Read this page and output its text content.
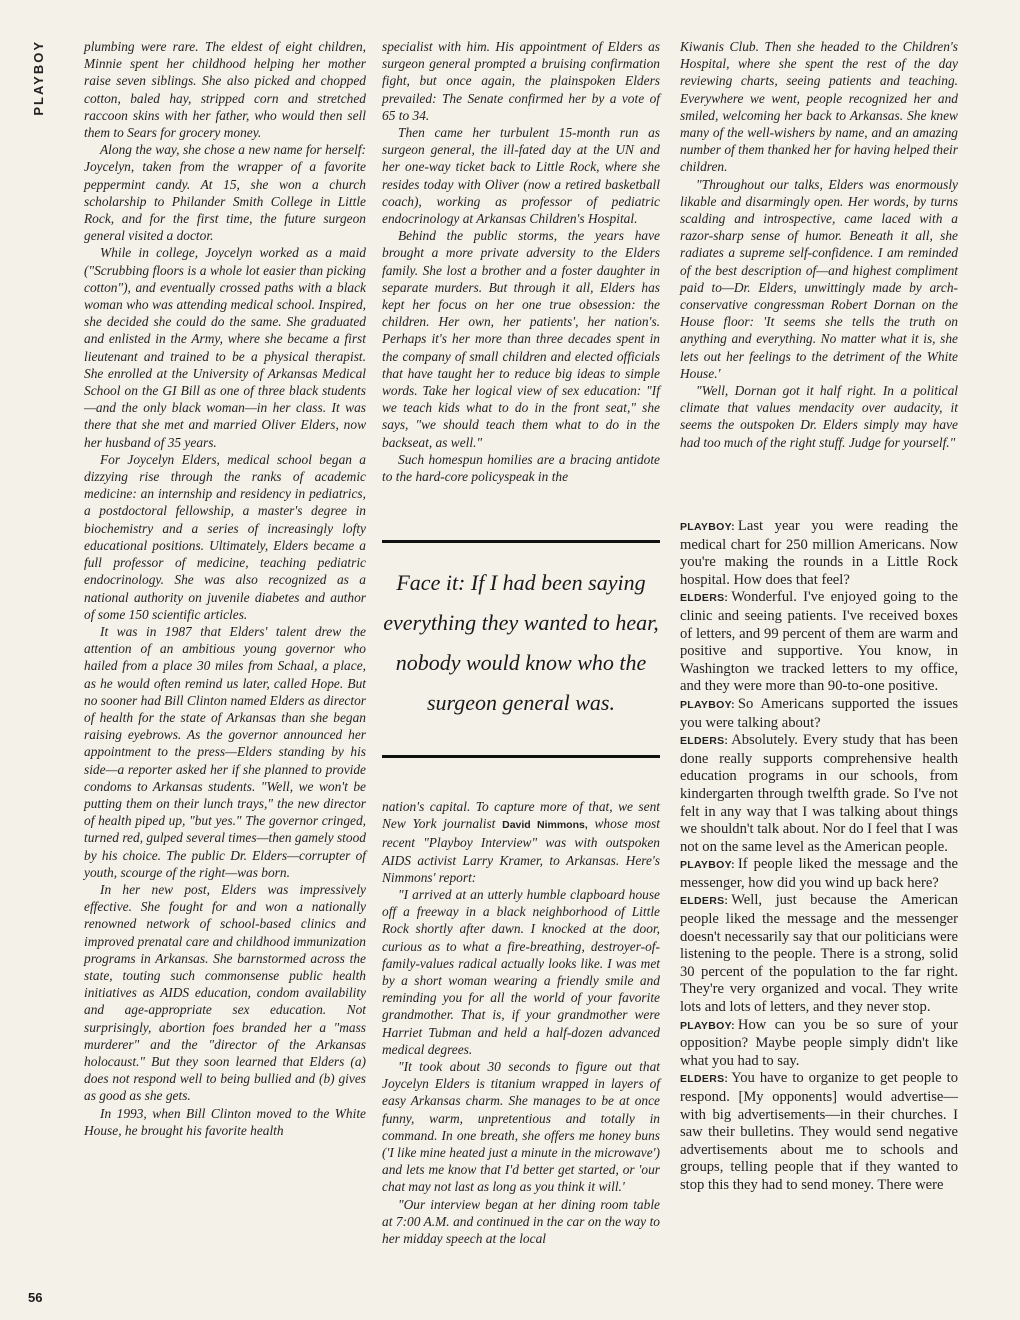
PLAYBOY
56

plumbing were rare. The eldest of eight children, Minnie spent her childhood helping her mother raise seven siblings. She also picked and chopped cotton, baled hay, stripped corn and stretched raccoon skins with her father, who would then sell them to Sears for grocery money.

Along the way, she chose a new name for herself: Joycelyn, taken from the wrapper of a favorite peppermint candy. At 15, she won a church scholarship to Philander Smith College in Little Rock, and for the first time, the future surgeon general visited a doctor.

While in college, Joycelyn worked as a maid ("Scrubbing floors is a whole lot easier than picking cotton"), and eventually crossed paths with a black woman who was attending medical school. Inspired, she decided she could do the same. She graduated and enlisted in the Army, where she became a first lieutenant and trained to be a physical therapist. She enrolled at the University of Arkansas Medical School on the GI Bill as one of three black students—and the only black woman—in her class. It was there that she met and married Oliver Elders, now her husband of 35 years.

For Joycelyn Elders, medical school began a dizzying rise through the ranks of academic medicine: an internship and residency in pediatrics, a postdoctoral fellowship, a master's degree in biochemistry and a series of increasingly lofty educational positions. Ultimately, Elders became a full professor of medicine, teaching pediatric endocrinology. She was also recognized as a national authority on juvenile diabetes and author of some 150 scientific articles.

It was in 1987 that Elders' talent drew the attention of an ambitious young governor who hailed from a place 30 miles from Schaal, a place, as he would often remind us later, called Hope. But no sooner had Bill Clinton named Elders as director of health for the state of Arkansas than she began raising eyebrows. As the governor announced her appointment to the press—Elders standing by his side—a reporter asked her if she planned to provide condoms to Arkansas students. "Well, we won't be putting them on their lunch trays," the new director of health piped up, "but yes." The governor cringed, turned red, gulped several times—then gamely stood by his choice. The public Dr. Elders—corrupter of youth, scourge of the right—was born.

In her new post, Elders was impressively effective. She fought for and won a nationally renowned network of school-based clinics and improved prenatal care and childhood immunization programs in Arkansas. She barnstormed across the state, touting such commonsense public health initiatives as AIDS education, condom availability and age-appropriate sex education. Not surprisingly, abortion foes branded her a "mass murderer" and the "director of the Arkansas holocaust." But they soon learned that Elders (a) does not respond well to being bullied and (b) gives as good as she gets.

In 1993, when Bill Clinton moved to the White House, he brought his favorite health

specialist with him. His appointment of Elders as surgeon general prompted a bruising confirmation fight, but once again, the plainspoken Elders prevailed: The Senate confirmed her by a vote of 65 to 34.

Then came her turbulent 15-month run as surgeon general, the ill-fated day at the UN and her one-way ticket back to Little Rock, where she resides today with Oliver (now a retired basketball coach), working as professor of pediatric endocrinology at Arkansas Children's Hospital.

Behind the public storms, the years have brought a more private adversity to the Elders family. She lost a brother and a foster daughter in separate murders. But through it all, Elders has kept her focus on her one true obsession: the children. Her own, her patients', her nation's. Perhaps it's her more than three decades spent in the company of small children and elected officials that have taught her to reduce big ideas to simple words. Take her logical view of sex education: "If we teach kids what to do in the front seat," she says, "we should teach them what to do in the backseat, as well."

Such homespun homilies are a bracing antidote to the hard-core policyspeak in the

Face it: If I had been saying everything they wanted to hear, nobody would know who the surgeon general was.

nation's capital. To capture more of that, we sent New York journalist David Nimmons, whose most recent "Playboy Interview" was with outspoken AIDS activist Larry Kramer, to Arkansas. Here's Nimmons' report:

"I arrived at an utterly humble clapboard house off a freeway in a black neighborhood of Little Rock shortly after dawn. I knocked at the door, curious as to what a fire-breathing, destroyer-of-family-values radical actually looks like. I was met by a short woman wearing a friendly smile and reminding you for all the world of your favorite grandmother. That is, if your grandmother were Harriet Tubman and held a half-dozen advanced medical degrees.

"It took about 30 seconds to figure out that Joycelyn Elders is titanium wrapped in layers of easy Arkansas charm. She manages to be at once funny, warm, unpretentious and totally in command. In one breath, she offers me honey buns ('I like mine heated just a minute in the microwave') and lets me know that I'd better get started, or 'our chat may not last as long as you think it will.'

"Our interview began at her dining room table at 7:00 A.M. and continued in the car on the way to her midday speech at the local

Kiwanis Club. Then she headed to the Children's Hospital, where she spent the rest of the day reviewing charts, seeing patients and teaching. Everywhere we went, people recognized her and smiled, welcoming her back to Arkansas. She knew many of the well-wishers by name, and an amazing number of them thanked her for having helped their children.

"Throughout our talks, Elders was enormously likable and disarmingly open. Her words, by turns scalding and introspective, came laced with a razor-sharp sense of humor. Beneath it all, she radiates a supreme self-confidence. I am reminded of the best description of—and highest compliment paid to—Dr. Elders, unwittingly made by arch-conservative congressman Robert Dornan on the House floor: 'It seems she tells the truth on anything and everything. No matter what it is, she lets out her feelings to the detriment of the White House.'

"Well, Dornan got it half right. In a political climate that values mendacity over audacity, it seems the outspoken Dr. Elders simply may have had too much of the right stuff. Judge for yourself."

PLAYBOY: Last year you were reading the medical chart for 250 million Americans. Now you're making the rounds in a Little Rock hospital. How does that feel?

ELDERS: Wonderful. I've enjoyed going to the clinic and seeing patients. I've received boxes of letters, and 99 percent of them are warm and positive and supportive. You know, in Washington we tracked letters to my office, and they were more than 90-to-one positive.

PLAYBOY: So Americans supported the issues you were talking about?

ELDERS: Absolutely. Every study that has been done really supports comprehensive health education programs in our schools, from kindergarten through twelfth grade. So I've not felt in any way that I was talking about things we shouldn't talk about. Nor do I feel that I was not on the same level as the American people.

PLAYBOY: If people liked the message and the messenger, how did you wind up back here?

ELDERS: Well, just because the American people liked the message and the messenger doesn't necessarily say that our politicians were listening to the people. There is a strong, solid 30 percent of the population to the far right. They're very organized and vocal. They write lots and lots of letters, and they never stop.

PLAYBOY: How can you be so sure of your opposition? Maybe people simply didn't like what you had to say.

ELDERS: You have to organize to get people to respond. [My opponents] would advertise—with big advertisements—in their churches. I saw their bulletins. They would send negative advertisements about me to schools and groups, telling people that if they wanted to stop this they had to send money. There were
